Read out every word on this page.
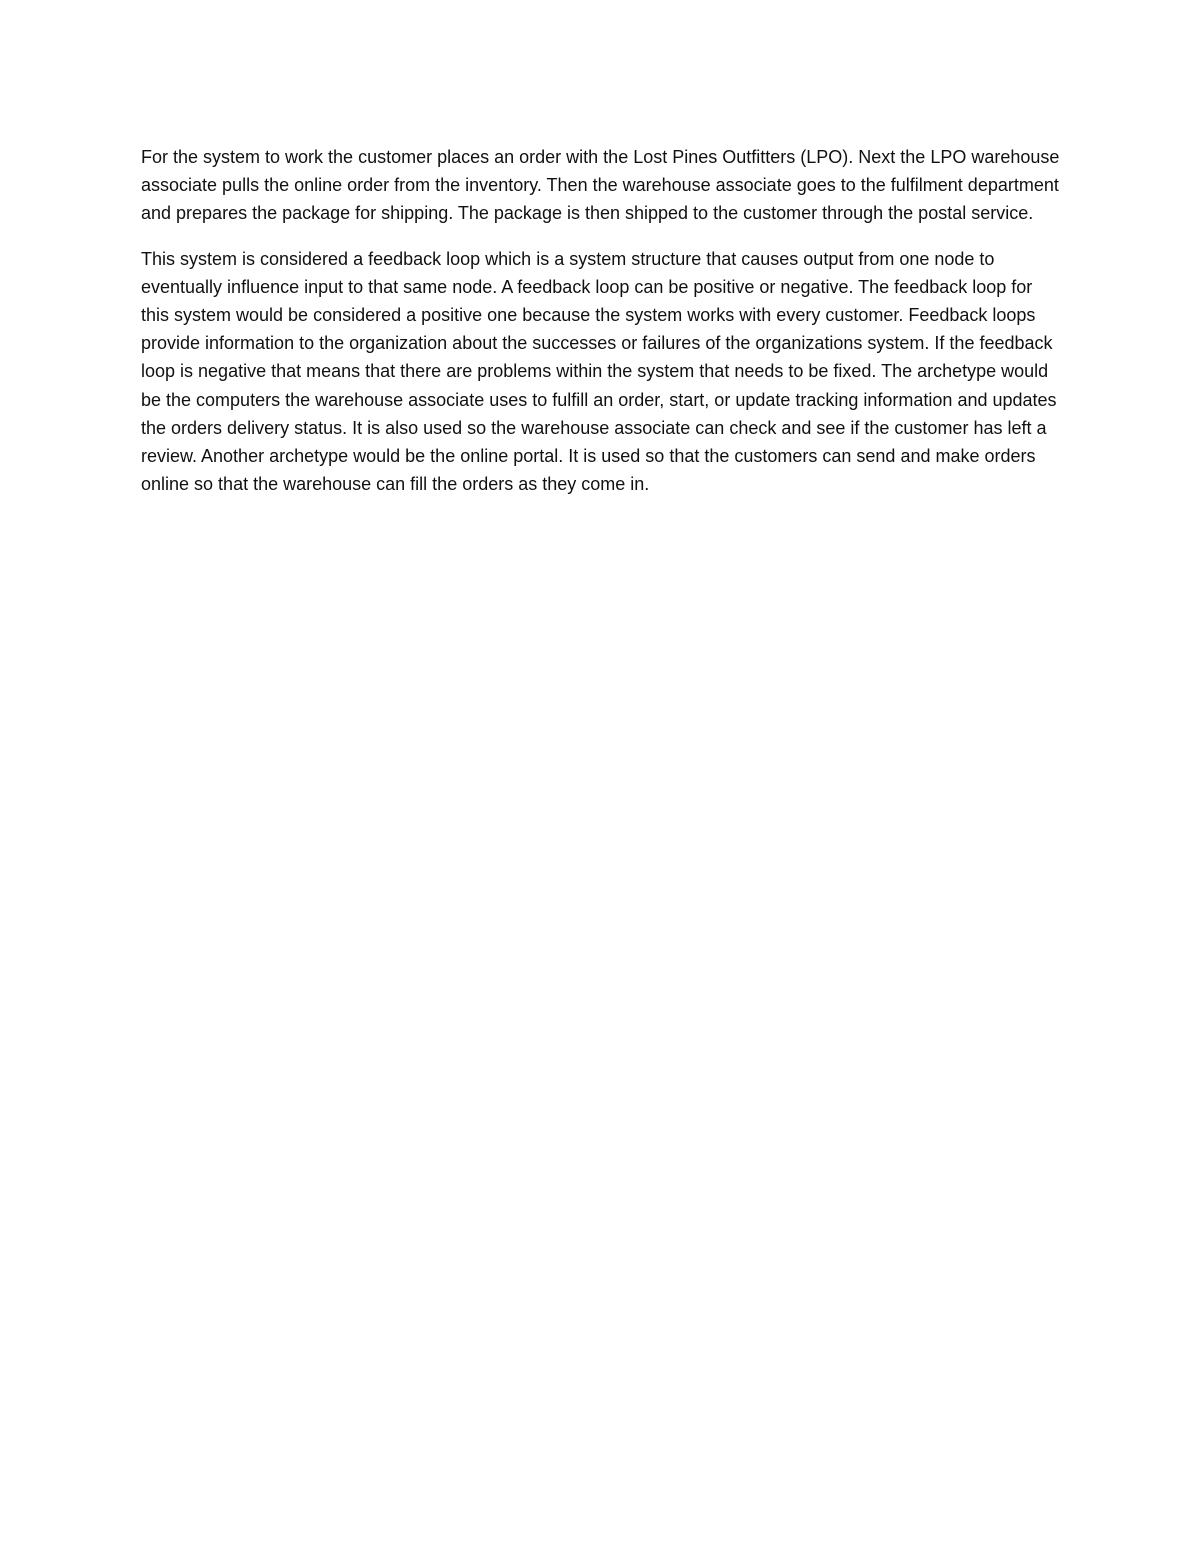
For the system to work the customer places an order with the Lost Pines Outfitters (LPO). Next the LPO warehouse associate pulls the online order from the inventory. Then the warehouse associate goes to the fulfilment department and prepares the package for shipping. The package is then shipped to the customer through the postal service.

This system is considered a feedback loop which is a system structure that causes output from one node to eventually influence input to that same node. A feedback loop can be positive or negative. The feedback loop for this system would be considered a positive one because the system works with every customer. Feedback loops provide information to the organization about the successes or failures of the organizations system. If the feedback loop is negative that means that there are problems within the system that needs to be fixed. The archetype would be the computers the warehouse associate uses to fulfill an order, start, or update tracking information and updates the orders delivery status. It is also used so the warehouse associate can check and see if the customer has left a review. Another archetype would be the online portal. It is used so that the customers can send and make orders online so that the warehouse can fill the orders as they come in.
